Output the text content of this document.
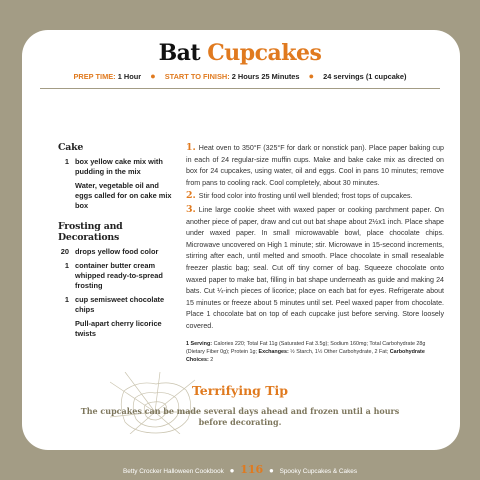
Bat Cupcakes
PREP TIME: 1 Hour ● START TO FINISH: 2 Hours 25 Minutes ● 24 servings (1 cupcake)
Cake
1 box yellow cake mix with pudding in the mix
Water, vegetable oil and eggs called for on cake mix box
Frosting and Decorations
20 drops yellow food color
1 container butter cream whipped ready-to-spread frosting
1 cup semisweet chocolate chips
Pull-apart cherry licorice twists

1. Heat oven to 350°F (325°F for dark or nonstick pan). Place paper baking cup in each of 24 regular-size muffin cups. Make and bake cake mix as directed on box for 24 cupcakes, using water, oil and eggs. Cool in pans 10 minutes; remove from pans to cooling rack. Cool completely, about 30 minutes.

2. Stir food color into frosting until well blended; frost tops of cupcakes.

3. Line large cookie sheet with waxed paper or cooking parchment paper. On another piece of paper, draw and cut out bat shape about 2½x1 inch. Place shape under waxed paper. In small microwavable bowl, place chocolate chips. Microwave uncovered on High 1 minute; stir. Microwave in 15-second increments, stirring after each, until melted and smooth. Place chocolate in small resealable freezer plastic bag; seal. Cut off tiny corner of bag. Squeeze chocolate onto waxed paper to make bat, filling in bat shape underneath as guide and making 24 bats. Cut ¼-inch pieces of licorice; place on each bat for eyes. Refrigerate about 15 minutes or freeze about 5 minutes until set. Peel waxed paper from chocolate. Place 1 chocolate bat on top of each cupcake just before serving. Store loosely covered.

1 Serving: Calories 220; Total Fat 11g (Saturated Fat 3.5g); Sodium 160mg; Total Carbohydrate 28g (Dietary Fiber 0g); Protein 1g; Exchanges: ½ Starch, 1½ Other Carbohydrate, 2 Fat; Carbohydrate Choices: 2

Terrifying Tip
The cupcakes can be made several days ahead and frozen until a hours before decorating.
Betty Crocker Halloween Cookbook ● 116 ● Spooky Cupcakes & Cakes
